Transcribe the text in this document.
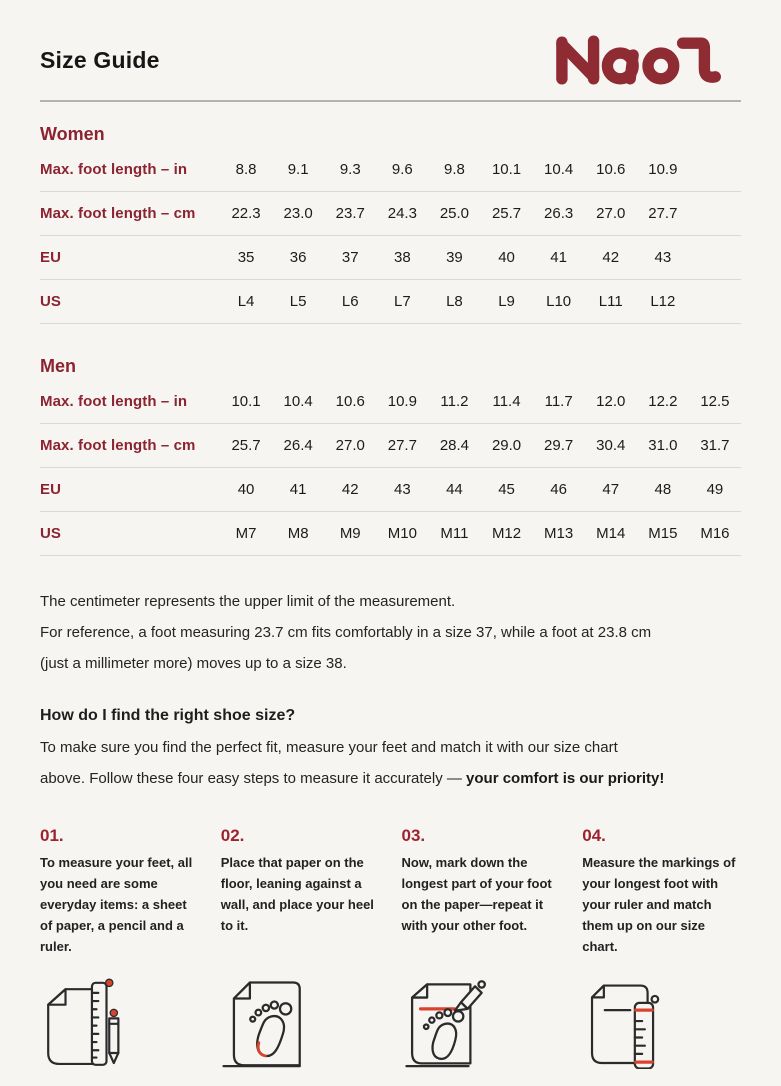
Size Guide
Women
Max. foot length – in	8.8	9.1	9.3	9.6	9.8	10.1	10.4	10.6	10.9
Max. foot length – cm	22.3	23.0	23.7	24.3	25.0	25.7	26.3	27.0	27.7
EU	35	36	37	38	39	40	41	42	43
US	L4	L5	L6	L7	L8	L9	L10	L11	L12
Men
Max. foot length – in	10.1	10.4	10.6	10.9	11.2	11.4	11.7	12.0	12.2	12.5
Max. foot length – cm	25.7	26.4	27.0	27.7	28.4	29.0	29.7	30.4	31.0	31.7
EU	40	41	42	43	44	45	46	47	48	49
US	M7	M8	M9	M10	M11	M12	M13	M14	M15	M16

The centimeter represents the upper limit of the measurement.

For reference, a foot measuring 23.7 cm fits comfortably in a size 37, while a foot at 23.8 cm

(just a millimeter more) moves up to a size 38.

How do I find the right shoe size?

To make sure you find the perfect fit, measure your feet and match it with our size chart
above. Follow these four easy steps to measure it accurately — your comfort is our priority!

01.
To measure your feet, all you need are some everyday items: a sheet of paper, a pencil and a ruler.
02.
Place that paper on the floor, leaning against a wall, and place your heel to it.
03.
Now, mark down the longest part of your foot on the paper—repeat it with your other foot.
04.
Measure the markings of your longest foot with your ruler and match them up on our size chart.
